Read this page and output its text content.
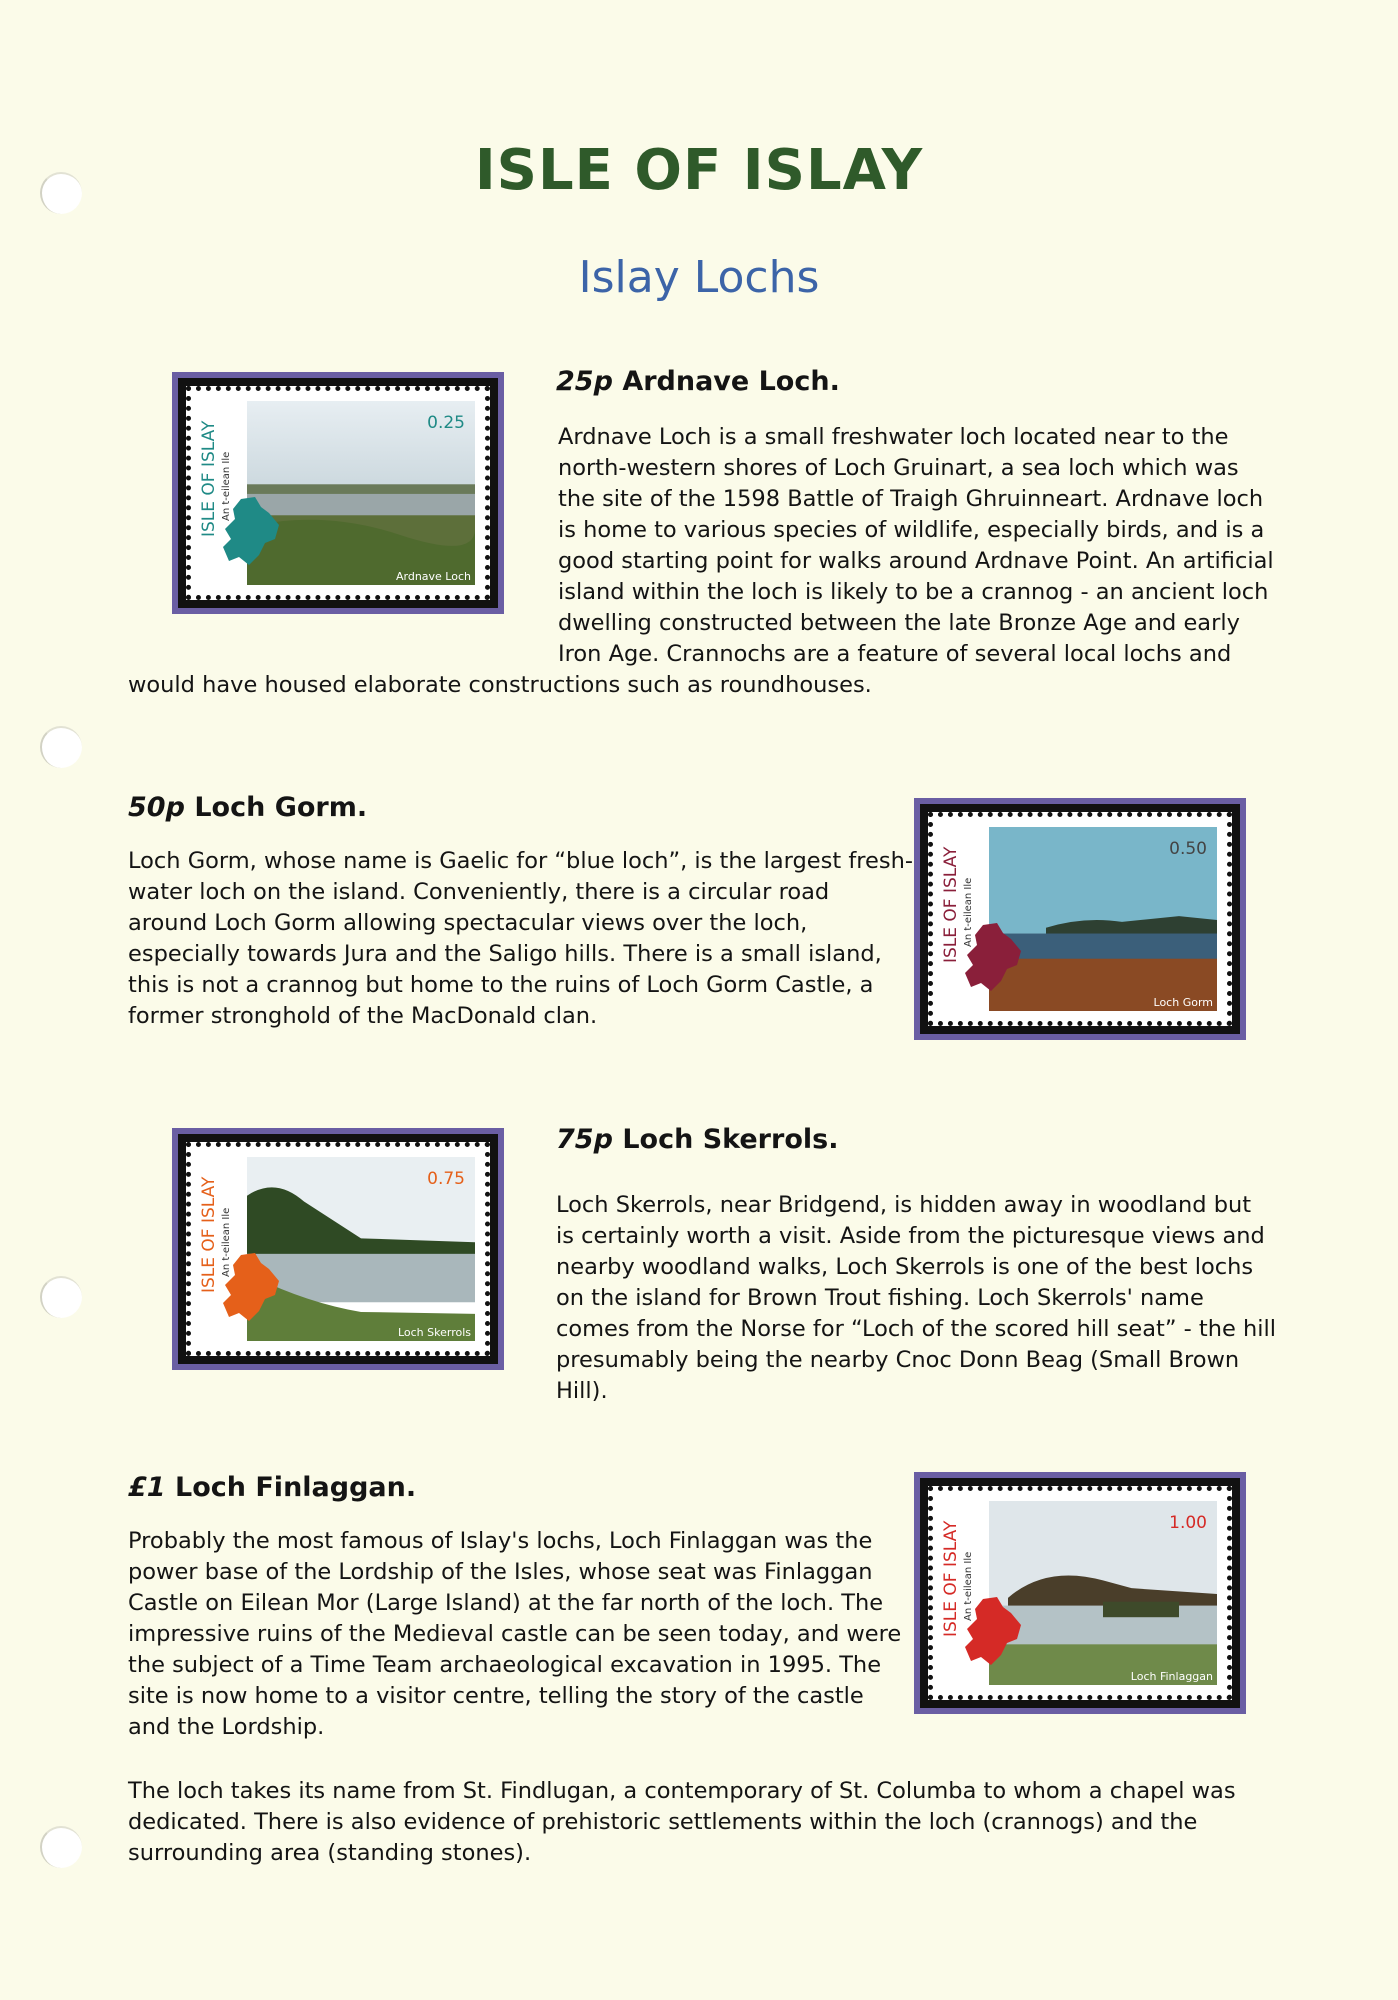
ISLE OF ISLAY
Islay Lochs
ISLE OF ISLAY An t-eilean Ile
0.25
Ardnave Loch
25p Ardnave Loch.
Ardnave Loch is a small freshwater loch located near to the north-western shores of Loch Gruinart, a sea loch which was the site of the 1598 Battle of Traigh Ghruinneart. Ardnave loch is home to various species of wildlife, especially birds, and is a good starting point for walks around Ardnave Point. An artificial island within the loch is likely to be a crannog - an ancient loch dwelling constructed between the late Bronze Age and early Iron Age. Crannochs are a feature of several local lochs and would have housed elaborate constructions such as roundhouses.
50p Loch Gorm.
Loch Gorm, whose name is Gaelic for “blue loch”, is the largest fresh-water loch on the island. Conveniently, there is a circular road around Loch Gorm allowing spectacular views over the loch, especially towards Jura and the Saligo hills. There is a small island, this is not a crannog but home to the ruins of Loch Gorm Castle, a former stronghold of the MacDonald clan.
ISLE OF ISLAY An t-eilean Ile
0.50
Loch Gorm
ISLE OF ISLAY An t-eilean Ile
0.75
Loch Skerrols
75p Loch Skerrols.
Loch Skerrols, near Bridgend, is hidden away in woodland but is certainly worth a visit. Aside from the picturesque views and nearby woodland walks, Loch Skerrols is one of the best lochs on the island for Brown Trout fishing. Loch Skerrols' name comes from the Norse for “Loch of the scored hill seat” - the hill presumably being the nearby Cnoc Donn Beag (Small Brown Hill).
£1 Loch Finlaggan.
Probably the most famous of Islay's lochs, Loch Finlaggan was the power base of the Lordship of the Isles, whose seat was Finlaggan Castle on Eilean Mor (Large Island) at the far north of the loch. The impressive ruins of the Medieval castle can be seen today, and were the subject of a Time Team archaeological excavation in 1995. The site is now home to a visitor centre, telling the story of the castle and the Lordship.
ISLE OF ISLAY An t-eilean Ile
1.00
Loch Finlaggan
The loch takes its name from St. Findlugan, a contemporary of St. Columba to whom a chapel was dedicated. There is also evidence of prehistoric settlements within the loch (crannogs) and the surrounding area (standing stones).
